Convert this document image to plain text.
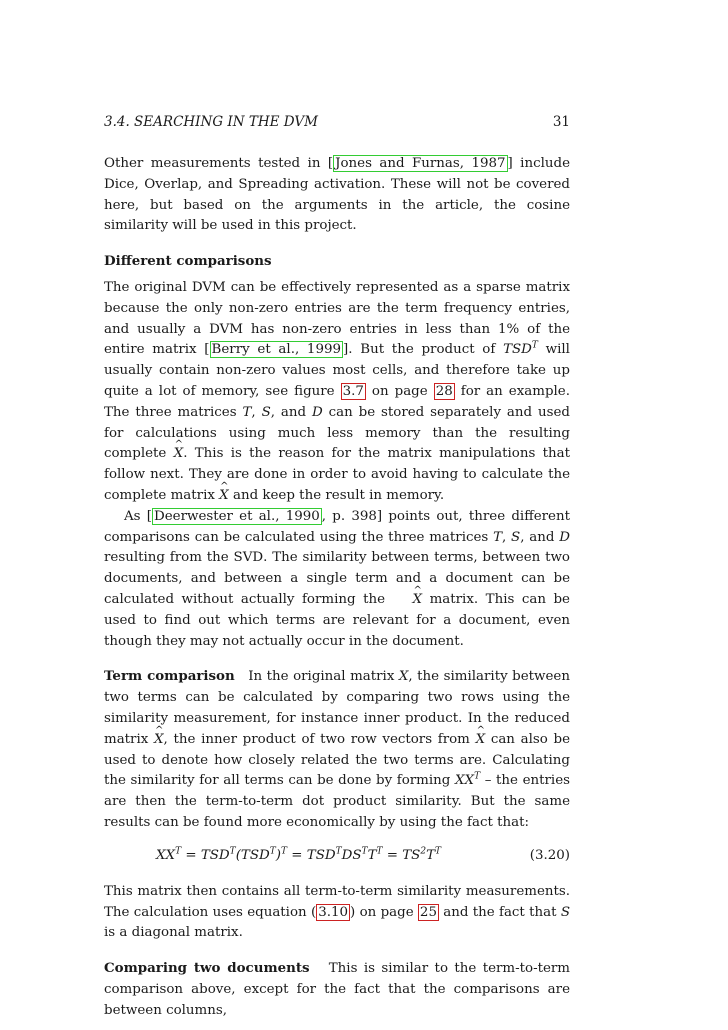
3.4. SEARCHING IN THE DVM	31

Other measurements tested in [ Jones and Furnas, 1987 ] include Dice, Overlap, and Spreading activation. These will not be covered here, but based on the arguments in the article, the cosine similarity will be used in this project.

Different comparisons

The original DVM can be effectively represented as a sparse matrix because the only non-zero entries are the term frequency entries, and usually a DVM has non-zero entries in less than 1% of the entire matrix [ Berry et al., 1999 ]. But the product of $TSD^T$ will usually contain non-zero values most cells, and therefore take up quite a lot of memory, see figure 3.7 on page 28 for an example. The three matrices T, S, and D can be stored separately and used for calculations using much less memory than the resulting complete ^ X. This is the reason for the matrix manipulations that follow next. They are done in order to avoid having to calculate the complete matrix ^ X and keep the result in memory.

As [ Deerwester et al., 1990 , p. 398] points out, three different comparisons can be calculated using the three matrices T, S, and D resulting from the SVD. The similarity between terms, between two documents, and between a single term and a document can be calculated without actually forming the ^ X matrix. This can be used to find out which terms are relevant for a document, even though they may not actually occur in the document.

Term comparison In the original matrix X, the similarity between two terms can be calculated by comparing two rows using the similarity measurement, for instance inner product. In the reduced matrix ^ X, the inner product of two row vectors from ^ X can also be used to denote how closely related the two terms are. Calculating the similarity for all terms can be done by forming $XX^T$ – the entries are then the term-to-term dot product similarity. But the same results can be found more economically by using the fact that:

$XX^T = TSD^T(TSD^T)^T = TSD^TDS^TT^T = TS^2T^T$	(3.20)

This matrix then contains all term-to-term similarity measurements. The calculation uses equation ( 3.10 ) on page 25 and the fact that S is a diagonal matrix.

Comparing two documents This is similar to the term-to-term comparison above, except for the fact that the comparisons are between columns,
